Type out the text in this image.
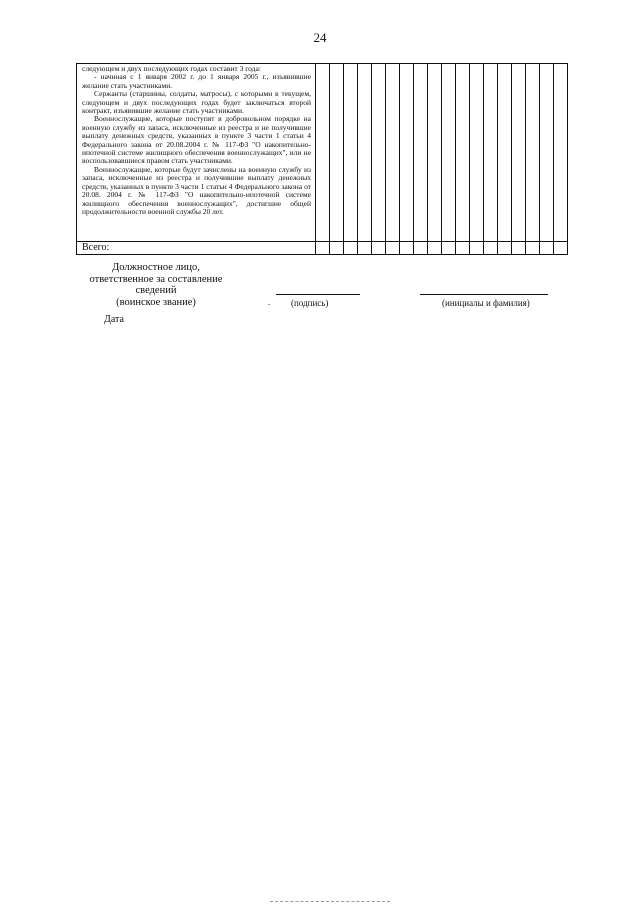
24

следующем и двух последующих годах составит 3 года:

- начиная с 1 января 2002 г. до 1 января 2005 г., изъявившие желание стать участниками.

Сержанты (старшины, солдаты, матросы), с которыми в текущем, следующем и двух последующих годах будет заключаться второй контракт, изъявившие желание стать участниками.

Военнослужащие, которые поступят в добровольном порядке на военную службу из запаса, исключенные из реестра и не получившие выплату денежных средств, указанных в пункте 3 части 1 статьи 4 Федерального закона от 20.08.2004 г. № 117-ФЗ "О накопительно-ипотечной системе жилищного обеспечения военнослужащих", или не воспользовавшиеся правом стать участниками.

Военнослужащие, которые будут зачислены на военную службу из запаса, исключенные из реестра и получившие выплату денежных средств, указанных в пункте 3 части 1 статьи 4 Федерального закона от 20.08. 2004 г. № 117-ФЗ "О накопительно-ипотечной системе жилищного обеспечения военнослужащих", достигшие общей продолжительности военной службы 20 лет.																		

Всего:																		
Должностное лицо,
ответственное за составление
сведений
(воинское звание)	. (подпись)	(инициалы и фамилия)
Дата
